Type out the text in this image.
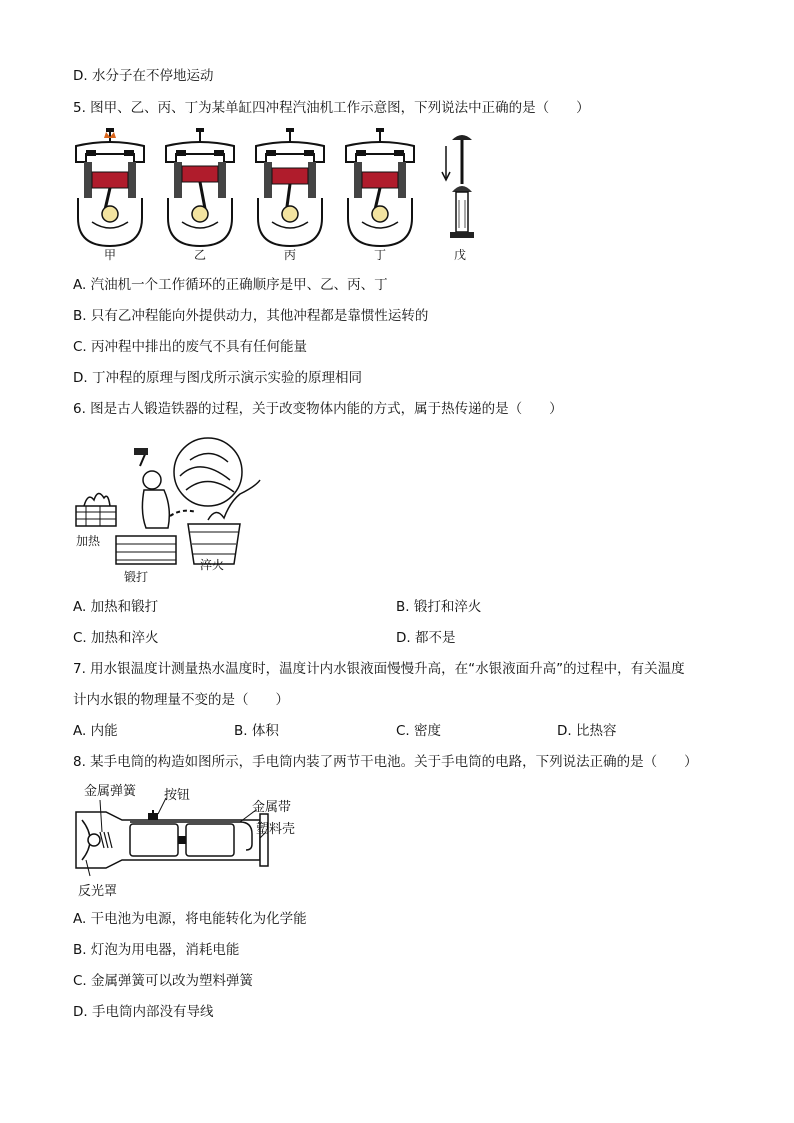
D. 水分子在不停地运动
5. 图甲、乙、丙、丁为某单缸四冲程汽油机工作示意图，下列说法中正确的是（　　）
甲	乙	丙	丁	戊
A. 汽油机一个工作循环的正确顺序是甲、乙、丙、丁
B. 只有乙冲程能向外提供动力，其他冲程都是靠惯性运转的
C. 丙冲程中排出的废气不具有任何能量
D. 丁冲程的原理与图戊所示演示实验的原理相同
6. 图是古人锻造铁器的过程，关于改变物体内能的方式，属于热传递的是（　　）
加热
锻打
淬火
A. 加热和锻打	B. 锻打和淬火
C. 加热和淬火	D. 都不是
7. 用水银温度计测量热水温度时，温度计内水银液面慢慢升高，在“水银液面升高”的过程中，有关温度
计内水银的物理量不变的是（　　）
A. 内能	B. 体积	C. 密度	D. 比热容
8. 某手电筒的构造如图所示，手电筒内装了两节干电池。关于手电筒的电路，下列说法正确的是（　　）
金属弹簧 按钮
金属带
塑料壳
反光罩
A. 干电池为电源，将电能转化为化学能
B. 灯泡为用电器，消耗电能
C. 金属弹簧可以改为塑料弹簧
D. 手电筒内部没有导线
